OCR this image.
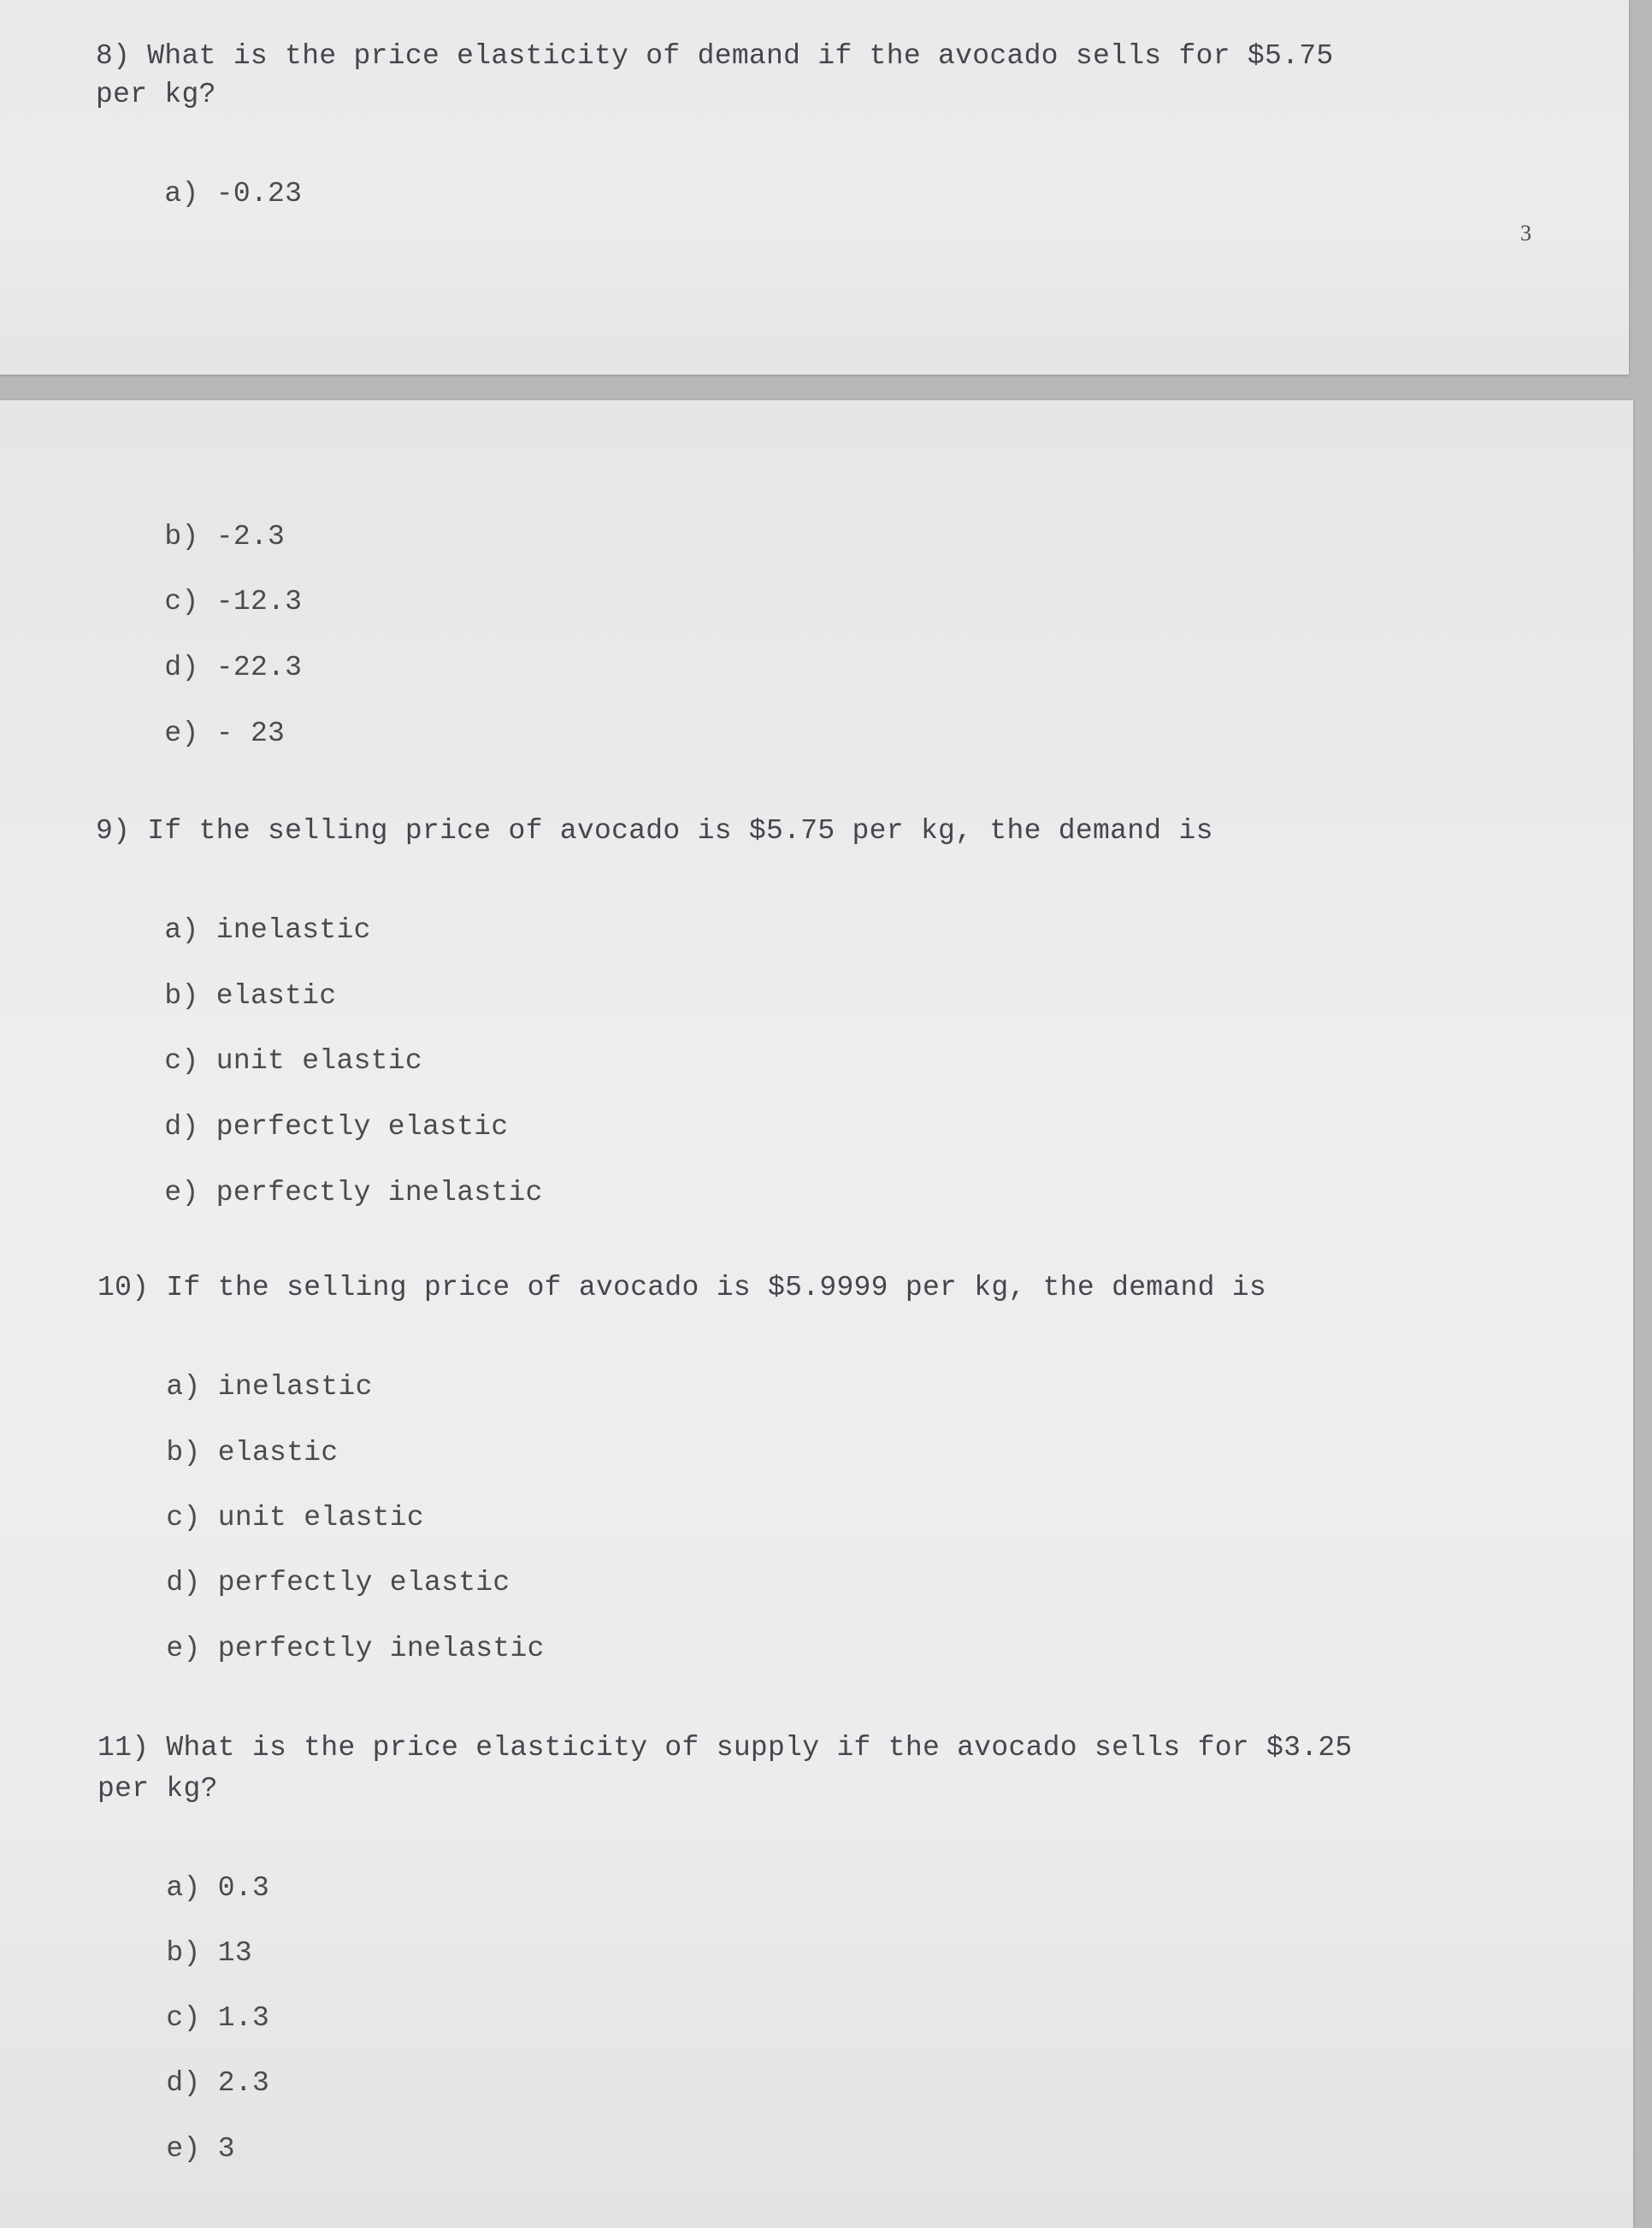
8) What is the price elasticity of demand if the avocado sells for $5.75
per kg?

a) -0.23

3

b) -2.3

c) -12.3

d) -22.3

e) - 23

9) If the selling price of avocado is $5.75 per kg, the demand is

a) inelastic

b) elastic

c) unit elastic

d) perfectly elastic

e) perfectly inelastic

10) If the selling price of avocado is $5.9999 per kg, the demand is

a) inelastic

b) elastic

c) unit elastic

d) perfectly elastic

e) perfectly inelastic

11) What is the price elasticity of supply if the avocado sells for $3.25
per kg?

a) 0.3

b) 13

c) 1.3

d) 2.3

e) 3
